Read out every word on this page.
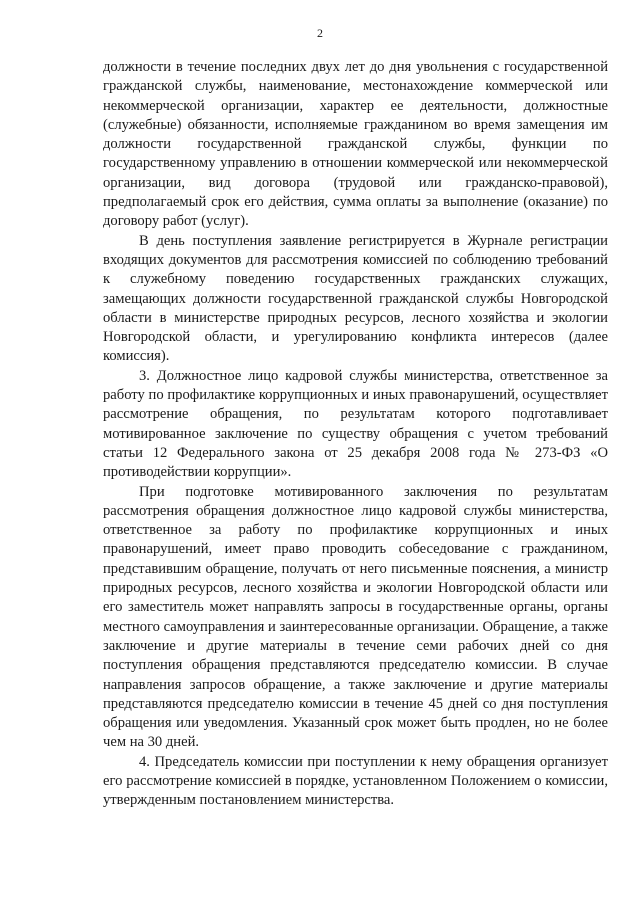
2

должности в течение последних двух лет до дня увольнения с государственной гражданской службы, наименование, местонахождение коммерческой или некоммерческой организации, характер ее деятельности, должностные (служебные) обязанности, исполняемые гражданином во время замещения им должности государственной гражданской службы, функции по государственному управлению в отношении коммерческой или некоммерческой организации, вид договора (трудовой или гражданско-правовой), предполагаемый срок его действия, сумма оплаты за выполнение (оказание) по договору работ (услуг).

В день поступления заявление регистрируется в Журнале регистрации входящих документов для рассмотрения комиссией по соблюдению требований к служебному поведению государственных гражданских служащих, замещающих должности государственной гражданской службы Новгородской области в министерстве природных ресурсов, лесного хозяйства и экологии Новгородской области, и урегулированию конфликта интересов (далее комиссия).

3. Должностное лицо кадровой службы министерства, ответственное за работу по профилактике коррупционных и иных правонарушений, осуществляет рассмотрение обращения, по результатам которого подготавливает мотивированное заключение по существу обращения с учетом требований статьи 12 Федерального закона от 25 декабря 2008 года № 273-ФЗ «О противодействии коррупции».

При подготовке мотивированного заключения по результатам рассмотрения обращения должностное лицо кадровой службы министерства, ответственное за работу по профилактике коррупционных и иных правонарушений, имеет право проводить собеседование с гражданином, представившим обращение, получать от него письменные пояснения, а министр природных ресурсов, лесного хозяйства и экологии Новгородской области или его заместитель может направлять запросы в государственные органы, органы местного самоуправления и заинтересованные организации. Обращение, а также заключение и другие материалы в течение семи рабочих дней со дня поступления обращения представляются председателю комиссии. В случае направления запросов обращение, а также заключение и другие материалы представляются председателю комиссии в течение 45 дней со дня поступления обращения или уведомления. Указанный срок может быть продлен, но не более чем на 30 дней.

4. Председатель комиссии при поступлении к нему обращения организует его рассмотрение комиссией в порядке, установленном Положением о комиссии, утвержденным постановлением министерства.
